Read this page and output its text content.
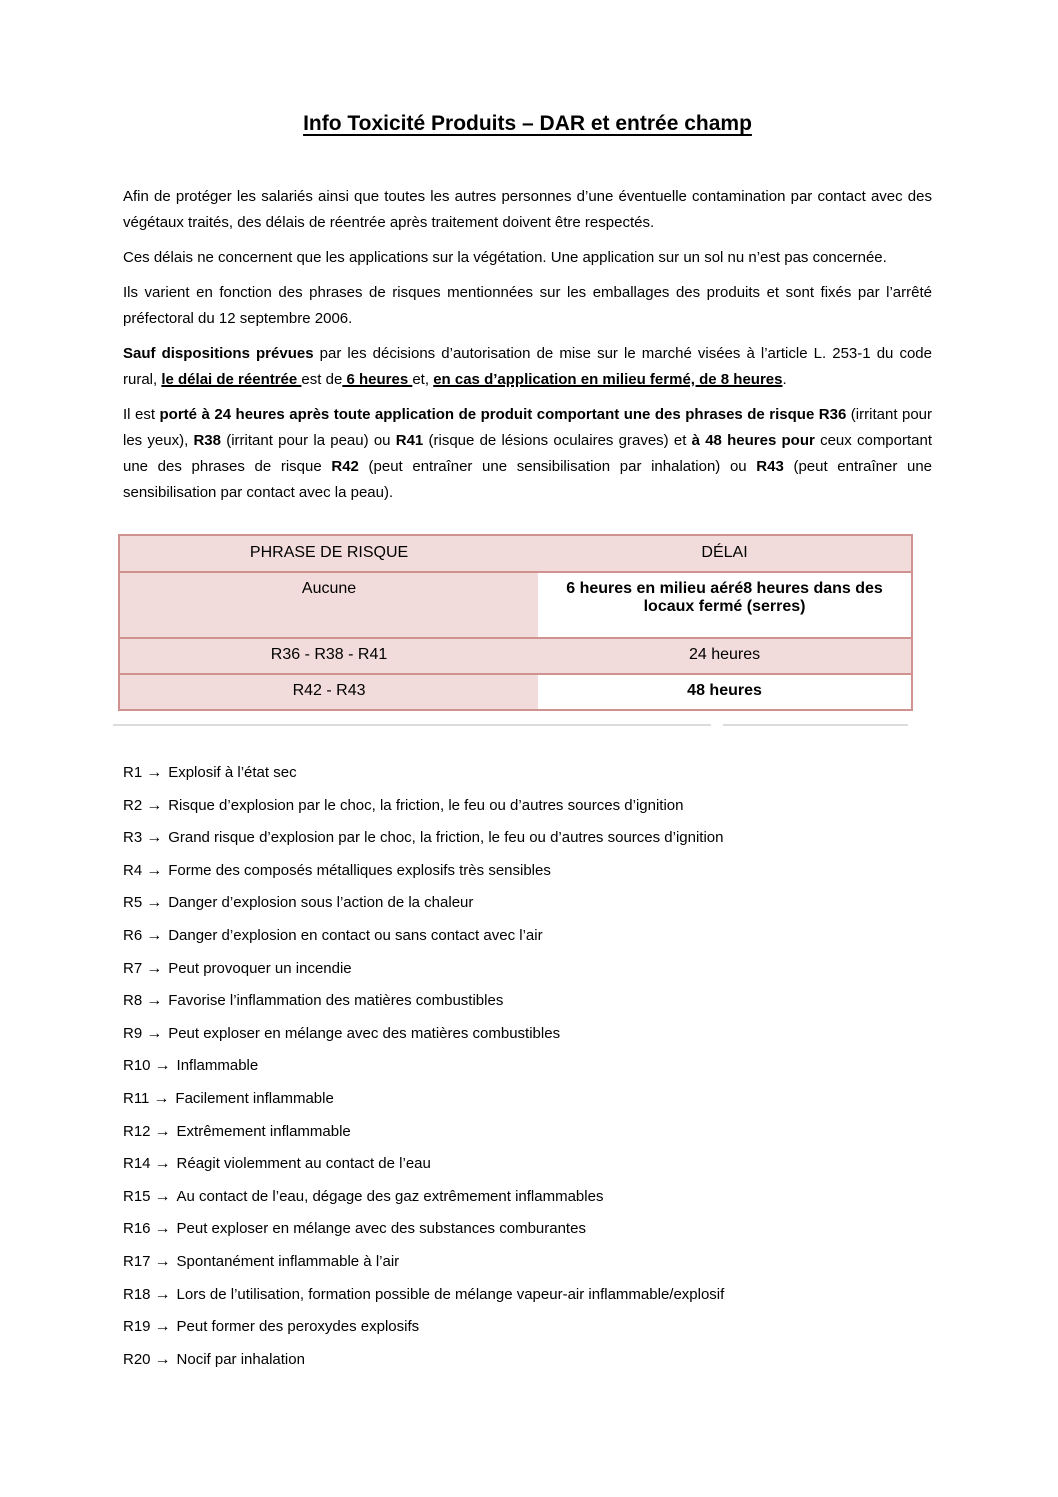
Info Toxicité Produits – DAR et entrée champ

Afin de protéger les salariés ainsi que toutes les autres personnes d’une éventuelle contamination par contact avec des végétaux traités, des délais de réentrée après traitement doivent être respectés.

Ces délais ne concernent que les applications sur la végétation. Une application sur un sol nu n’est pas concernée.

Ils varient en fonction des phrases de risques mentionnées sur les emballages des produits et sont fixés par l’arrêté préfectoral du 12 septembre 2006.

Sauf dispositions prévues par les décisions d’autorisation de mise sur le marché visées à l’article L. 253-1 du code rural, le délai de réentrée est de 6 heures et, en cas d’application en milieu fermé, de 8 heures.

Il est porté à 24 heures après toute application de produit comportant une des phrases de risque R36 (irritant pour les yeux), R38 (irritant pour la peau) ou R41 (risque de lésions oculaires graves) et à 48 heures pour ceux comportant une des phrases de risque R42 (peut entraîner une sensibilisation par inhalation) ou R43 (peut entraîner une sensibilisation par contact avec la peau).

PHRASE DE RISQUE	DÉLAI
Aucune	6 heures en milieu aéré8 heures dans des locaux fermé (serres)
R36 - R38 - R41	24 heures
R42 - R43	48 heures
R1 → Explosif à l’état sec
R2 → Risque d’explosion par le choc, la friction, le feu ou d’autres sources d’ignition
R3 → Grand risque d’explosion par le choc, la friction, le feu ou d’autres sources d’ignition
R4 → Forme des composés métalliques explosifs très sensibles
R5 → Danger d’explosion sous l’action de la chaleur
R6 → Danger d’explosion en contact ou sans contact avec l’air
R7 → Peut provoquer un incendie
R8 → Favorise l’inflammation des matières combustibles
R9 → Peut exploser en mélange avec des matières combustibles
R10 → Inflammable
R11 → Facilement inflammable
R12 → Extrêmement inflammable
R14 → Réagit violemment au contact de l’eau
R15 → Au contact de l’eau, dégage des gaz extrêmement inflammables
R16 → Peut exploser en mélange avec des substances comburantes
R17 → Spontanément inflammable à l’air
R18 → Lors de l’utilisation, formation possible de mélange vapeur-air inflammable/explosif
R19 → Peut former des peroxydes explosifs
R20 → Nocif par inhalation
